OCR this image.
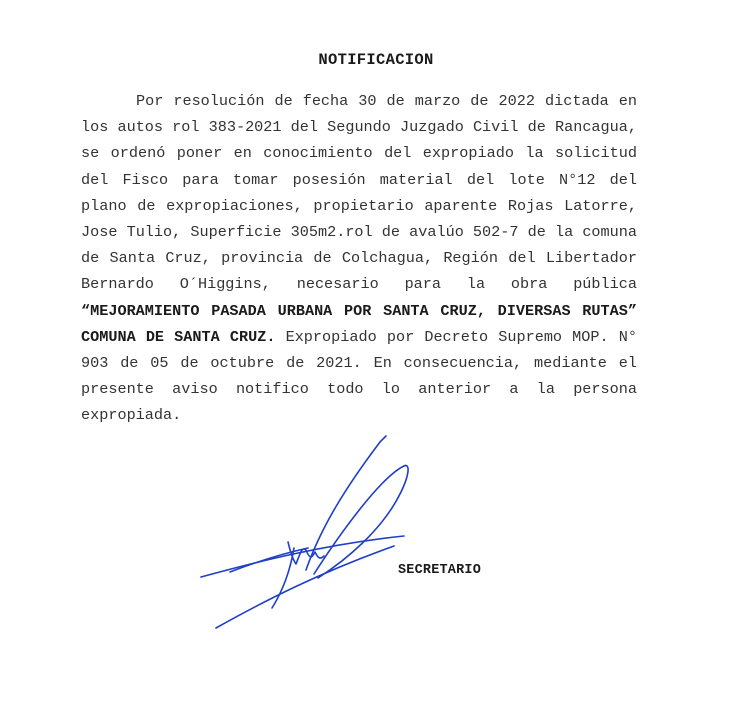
NOTIFICACION

Por resolución de fecha 30 de marzo de 2022 dictada en los autos rol 383-2021 del Segundo Juzgado Civil de Rancagua, se ordenó poner en conocimiento del expropiado la solicitud del Fisco para tomar posesión material del lote N°12 del plano de expropiaciones, propietario aparente Rojas Latorre, Jose Tulio, Superficie 305m2.rol de avalúo 502-7 de la comuna de Santa Cruz, provincia de Colchagua, Región del Libertador Bernardo O´Higgins, necesario para la obra pública “MEJORAMIENTO PASADA URBANA POR SANTA CRUZ, DIVERSAS RUTAS” COMUNA DE SANTA CRUZ. Expropiado por Decreto Supremo MOP. N° 903 de 05 de octubre de 2021. En consecuencia, mediante el presente aviso notifico todo lo anterior a la persona expropiada.

SECRETARIO
